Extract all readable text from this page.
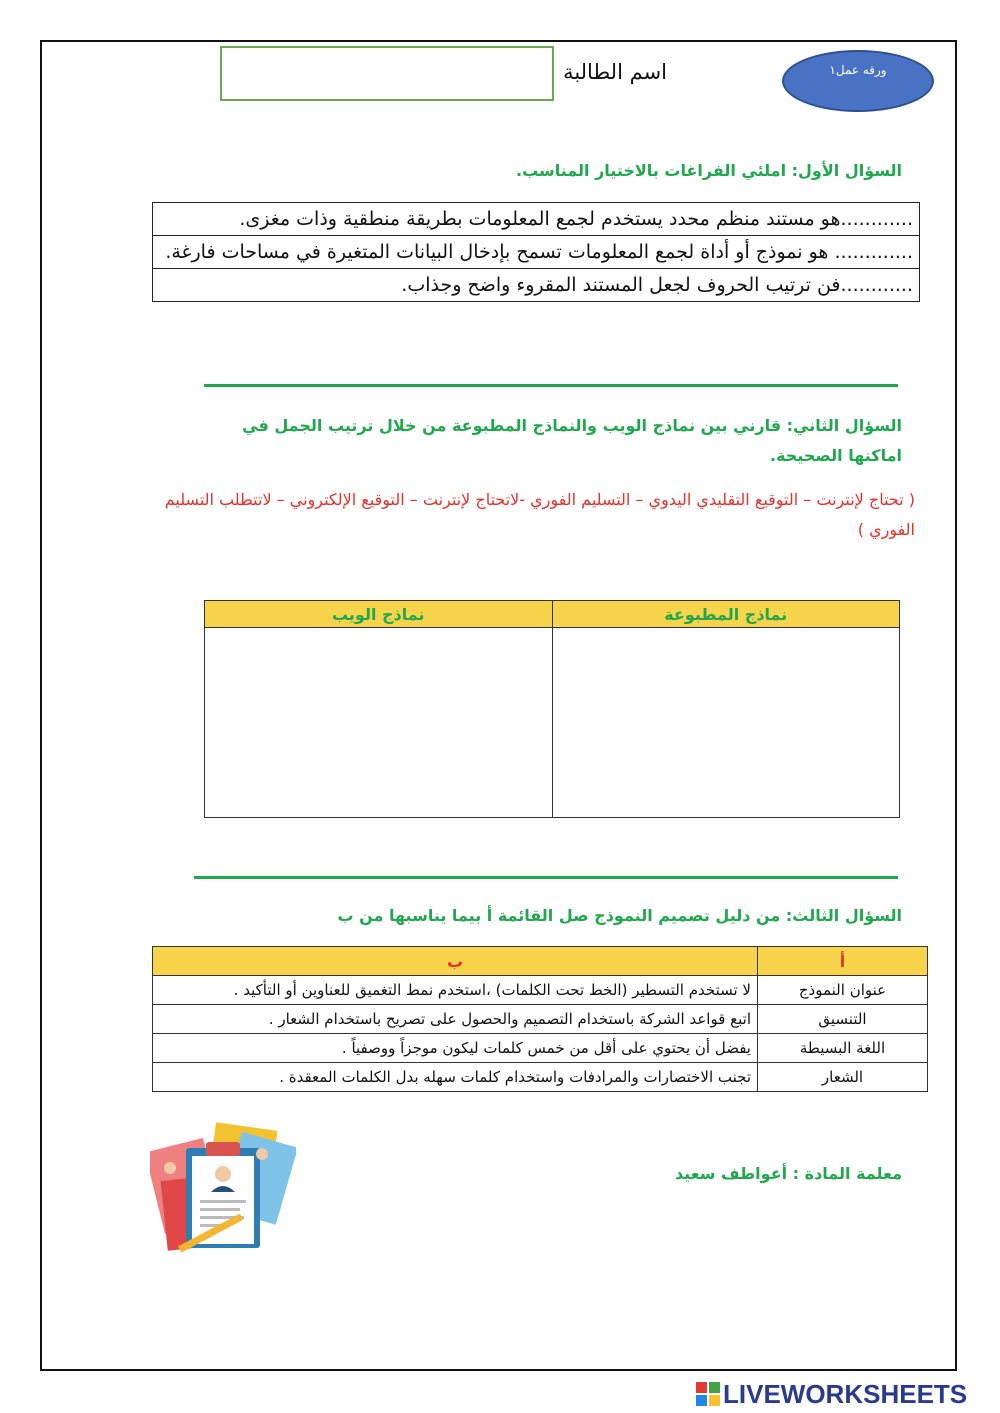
ورقه عمل١
اسم الطالبة
السؤال الأول: املئي الفراغات بالاختيار المناسب.
............هو مستند منظم محدد يستخدم لجمع المعلومات بطريقة منطقية وذات مغزى.
............. هو نموذج أو أداة لجمع المعلومات تسمح بإدخال البيانات المتغيرة في مساحات فارغة.
............فن ترتيب الحروف لجعل المستند المقروء واضح وجذاب.
السؤال الثاني: قارني بين نماذج الويب والنماذج المطبوعة من خلال ترتيب الجمل في اماكنها الصحيحة.
( تحتاج لإنترنت – التوقيع التقليدي اليدوي – التسليم الفوري -لاتحتاج لإنترنت – التوقيع الإلكتروني – لاتتطلب التسليم الفوري )
نماذج المطبوعة	نماذج الويب

السؤال الثالث: من دليل تصميم النموذج صل القائمة أ بيما يناسبها من ب
أ	ب
عنوان النموذج	لا تستخدم التسطير (الخط تحت الكلمات) ،استخدم نمط التغميق للعناوين أو التأكيد .
التنسيق	اتبع قواعد الشركة باستخدام التصميم والحصول على تصريح باستخدام الشعار .
اللغة البسيطة	يفضل أن يحتوي على أقل من خمس كلمات ليكون موجزاً ووصفياً .
الشعار	تجنب الاختصارات والمرادفات واستخدام كلمات سهله بدل الكلمات المعقدة .
معلمة المادة : أعواطف سعيد
LIVEWORKSHEETS
